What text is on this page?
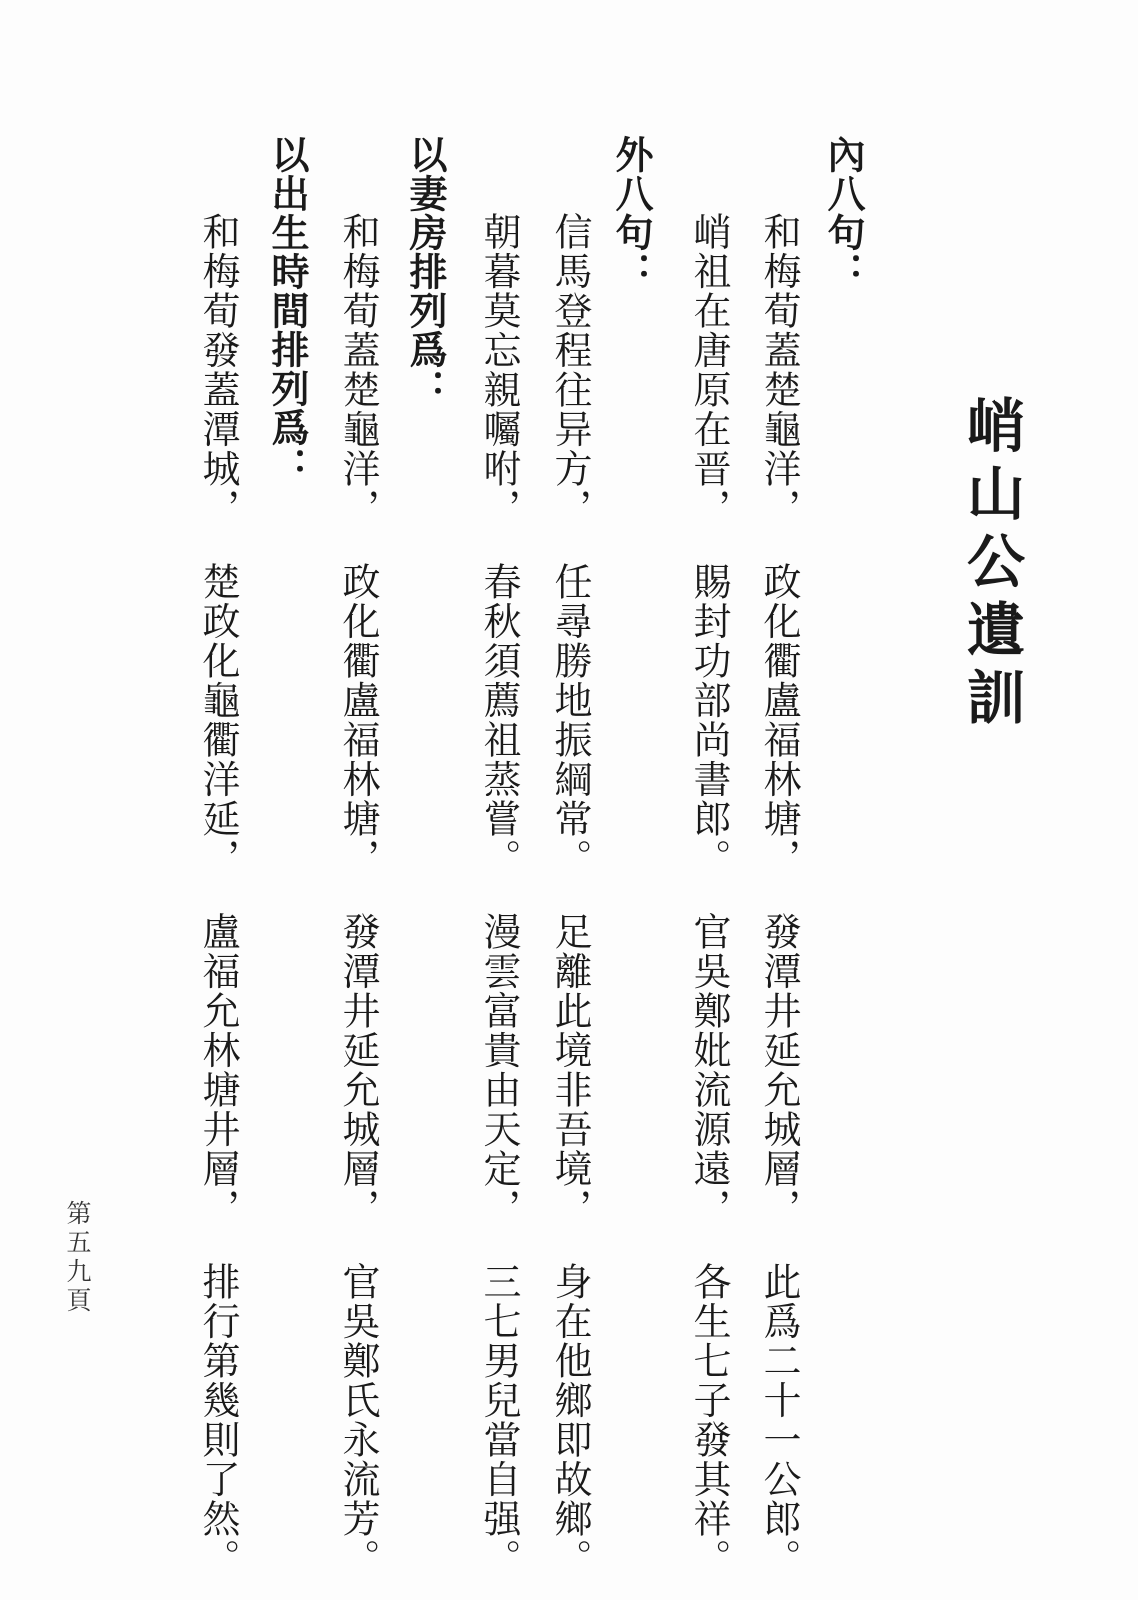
峭山公遺訓
內八句：
和梅荀蓋楚龜洋，政化衢盧福林塘，發潭井延允城層，此爲二十一公郎。
峭祖在唐原在晋，賜封功部尚書郎。官吳鄭妣流源遠，各生七子發其祥。
外八句：
信馬登程往异方，任尋勝地振綱常。足離此境非吾境，身在他鄉即故鄉。
朝暮莫忘親囑咐，春秋須薦祖蒸嘗。漫雲富貴由天定，三七男兒當自强。
以妻房排列爲：
和梅荀蓋楚龜洋，政化衢盧福林塘，發潭井延允城層，官吳鄭氏永流芳。
以出生時間排列爲：
和梅荀發蓋潭城，楚政化龜衢洋延，盧福允林塘井層，排行第幾則了然。
第五九頁
